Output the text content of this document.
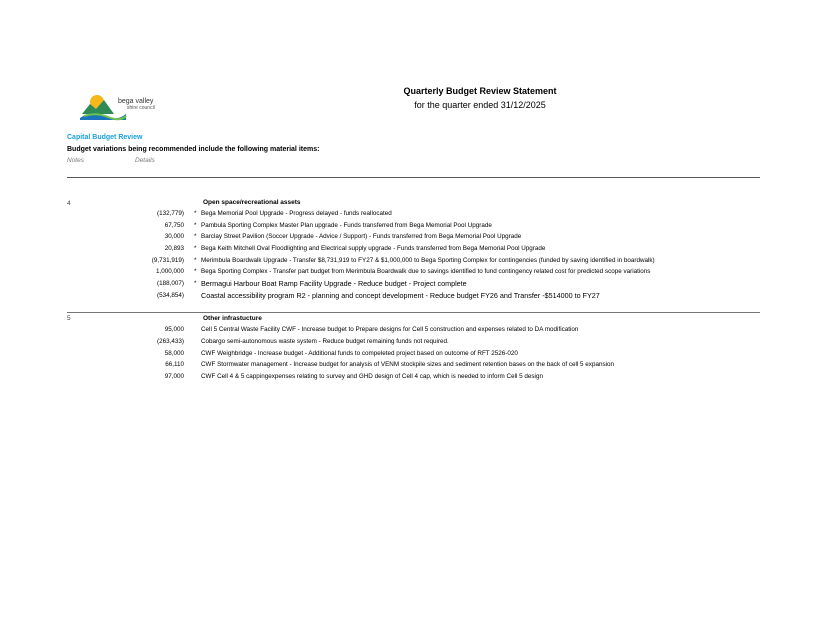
bega valley
shire council
Quarterly Budget Review Statement
for the quarter ended 31/12/2025
Capital Budget Review
Budget variations being recommended include the following material items:
Notes	Details
4	Open space/recreational assets
(132,779) * Bega Memorial Pool Upgrade - Progress delayed - funds reallocated
67,750 * Pambula Sporting Complex Master Plan upgrade - Funds transferred from Bega Memorial Pool Upgrade
30,000 * Barclay Street Pavilion (Soccer Upgrade - Advice / Support) - Funds transferred from Bega Memorial Pool Upgrade
20,893 * Bega Keith Mitchell Oval Floodlighting and Electrical supply upgrade - Funds transferred from Bega Memorial Pool Upgrade
(9,731,919) * Merimbula Boardwalk Upgrade - Transfer $8,731,919 to FY27 & $1,000,000 to Bega Sporting Complex for contingencies (funded by saving identified in boardwalk)
1,000,000 * Bega Sporting Complex - Transfer part budget from Merimbula Boardwalk due to savings identified to fund contingency related cost for predicted scope variations
(188,007) * Bermagui Harbour Boat Ramp Facility Upgrade - Reduce budget - Project complete
(534,854) Coastal accessibility program R2 - planning and concept development - Reduce budget FY26 and Transfer -$514000 to FY27
5	Other infrastucture
95,000	Cell 5 Central Waste Facility CWF - Increase budget to Prepare designs for Cell 5 construction and expenses related to DA modification
(263,433)	Cobargo semi-autonomous waste system - Reduce budget remaining funds not required.
58,000	CWF Weighbridge - Increase budget - Additional funds to compeleted project based on outcome of RFT 2526-020
66,110	CWF Stormwater management - Increase budget for analysis of VENM stockpile sizes and sediment retention bases on the back of cell 5 expansion
97,000	CWF Cell 4 & 5 cappingexpenses relating to survey and GHD design of Cell 4 cap, which is needed to inform Cell 5 design
